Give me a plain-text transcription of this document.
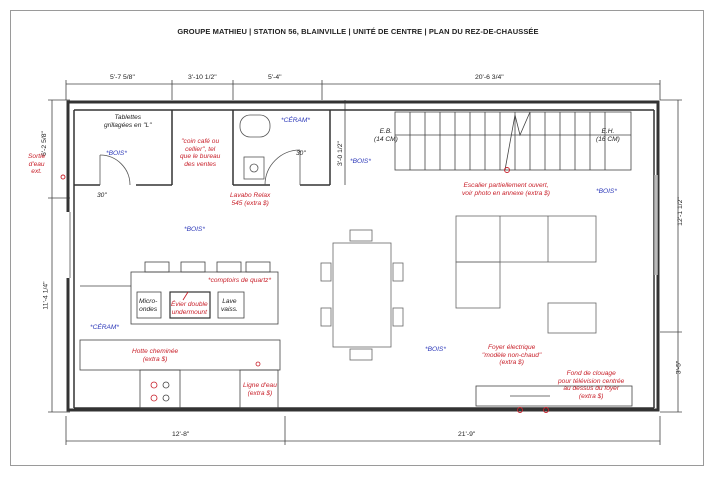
GROUPE MATHIEU | STATION 56, BLAINVILLE | UNITÉ DE CENTRE | PLAN DU REZ-DE-CHAUSSÉE
5'-7 5/8"	3'-10 1/2"	5'-4"	20'-6 3/4"
12'-8"	21'-9"
6'-2 5/8"
11'-4 1/4"
12'-1 1/2"
3'-5"
3'-0 1/2"
Tablettes
grillagées en "L"
Sortie
d'eau
ext.
"coin café ou
cellier", tel
que le bureau
des ventes
*CÉRAM*
30"
30"	Lavabo Relax
545 (extra $)
E.B.
(14 CM)
E.H.
(16 CM)
Escalier partiellement ouvert,
voir photo en annexe (extra $)
*comptoirs de quartz*
Micro-
ondes
Évier double
undermount
Lave
vaiss.
*CÉRAM*
Hotte cheminée
(extra $)
Ligne d'eau
(extra $)
Foyer électrique
"modèle non-chaud"
(extra $)
Fond de clouage
pour télévision centrée
au dessus du foyer
(extra $)
*BOIS*
*BOIS*
*BOIS*
*BOIS*
*BOIS*
